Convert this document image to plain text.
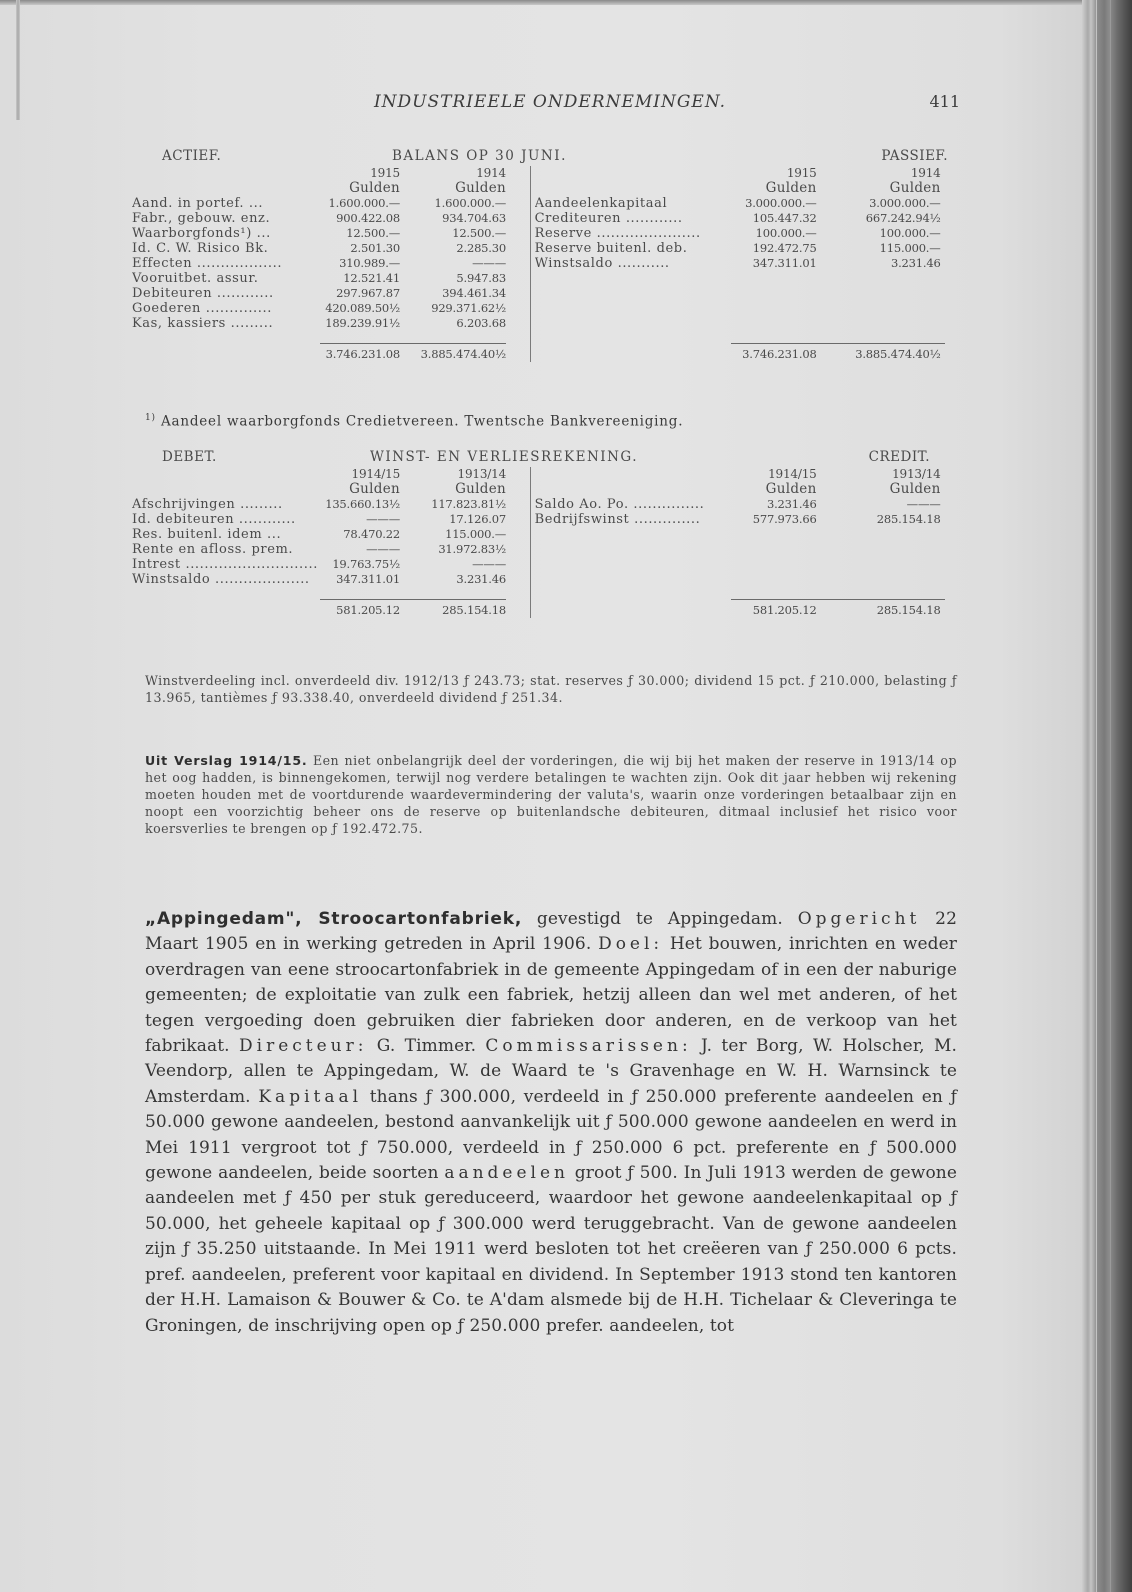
INDUSTRIEELE ONDERNEMINGEN.	411
ACTIEF.	BALANS OP 30 JUNI.	PASSIEF.
1915	1914
Gulden	Gulden
Aand. in portef. ...	1.600.000.—	1.600.000.—
Fabr., gebouw. enz.	900.422.08	934.704.63
Waarborgfonds¹) ...	12.500.—	12.500.—
Id. C. W. Risico Bk.	2.501.30	2.285.30
Effecten ..................	310.989.—	———
Vooruitbet. assur.	12.521.41	5.947.83
Debiteuren ............	297.967.87	394.461.34
Goederen ..............	420.089.50½	929.371.62½
Kas, kassiers .........	189.239.91½	6.203.68
3.746.231.08	3.885.474.40½
1915	1914
Gulden	Gulden
Aandeelenkapitaal	3.000.000.—	3.000.000.—
Crediteuren ............	105.447.32	667.242.94½
Reserve ......................	100.000.—	100.000.—
Reserve buitenl. deb.	192.472.75	115.000.—
Winstsaldo ...........	347.311.01	3.231.46
3.746.231.08	3.885.474.40½
$^{1)}$ Aandeel waarborgfonds Credietvereen. Twentsche Bankvereeniging.
DEBET.	WINST- EN VERLIESREKENING.	CREDIT.
1914/15	1913/14
Gulden	Gulden
Afschrijvingen .........	135.660.13½	117.823.81½
Id. debiteuren ............	———	17.126.07
Res. buitenl. idem ...	78.470.22	115.000.—
Rente en afloss. prem.	———	31.972.83½
Intrest ............................	19.763.75½	———
Winstsaldo ....................	347.311.01	3.231.46
581.205.12	285.154.18
1914/15	1913/14
Gulden	Gulden
Saldo Ao. Po. ...............	3.231.46	———
Bedrijfswinst ..............	577.973.66	285.154.18
581.205.12	285.154.18
Winstverdeeling incl. onverdeeld div. 1912/13 ƒ 243.73; stat. reserves ƒ 30.000; dividend 15 pct. ƒ 210.000, belasting ƒ 13.965, tantièmes ƒ 93.338.40, onverdeeld dividend ƒ 251.34.
Uit Verslag 1914/15. Een niet onbelangrijk deel der vorderingen, die wij bij het maken der reserve in 1913/14 op het oog hadden, is binnengekomen, terwijl nog verdere betalingen te wachten zijn. Ook dit jaar hebben wij rekening moeten houden met de voortdurende waardevermindering der valuta's, waarin onze vorderingen betaalbaar zijn en noopt een voorzichtig beheer ons de reserve op buitenlandsche debiteuren, ditmaal inclusief het risico voor koersverlies te brengen op ƒ 192.472.75.
„Appingedam", Stroocartonfabriek, gevestigd te Appingedam. Opgericht 22 Maart 1905 en in werking getreden in April 1906. Doel: Het bouwen, inrichten en weder overdragen van eene stroocartonfabriek in de gemeente Appingedam of in een der naburige gemeenten; de exploitatie van zulk een fabriek, hetzij alleen dan wel met anderen, of het tegen vergoeding doen gebruiken dier fabrieken door anderen, en de verkoop van het fabrikaat. Directeur: G. Timmer. Commissarissen: J. ter Borg, W. Holscher, M. Veendorp, allen te Appingedam, W. de Waard te 's Gravenhage en W. H. Warnsinck te Amsterdam. Kapitaal thans ƒ 300.000, verdeeld in ƒ 250.000 preferente aandeelen en ƒ 50.000 gewone aandeelen, bestond aanvankelijk uit ƒ 500.000 gewone aandeelen en werd in Mei 1911 vergroot tot ƒ 750.000, verdeeld in ƒ 250.000 6 pct. preferente en ƒ 500.000 gewone aandeelen, beide soorten aandeelen groot ƒ 500. In Juli 1913 werden de gewone aandeelen met ƒ 450 per stuk gereduceerd, waardoor het gewone aandeelenkapitaal op ƒ 50.000, het geheele kapitaal op ƒ 300.000 werd teruggebracht. Van de gewone aandeelen zijn ƒ 35.250 uitstaande. In Mei 1911 werd besloten tot het creëeren van ƒ 250.000 6 pcts. pref. aandeelen, preferent voor kapitaal en dividend. In September 1913 stond ten kantoren der H.H. Lamaison & Bouwer & Co. te A'dam alsmede bij de H.H. Tichelaar & Cleveringa te Groningen, de inschrijving open op ƒ 250.000 prefer. aandeelen, tot
